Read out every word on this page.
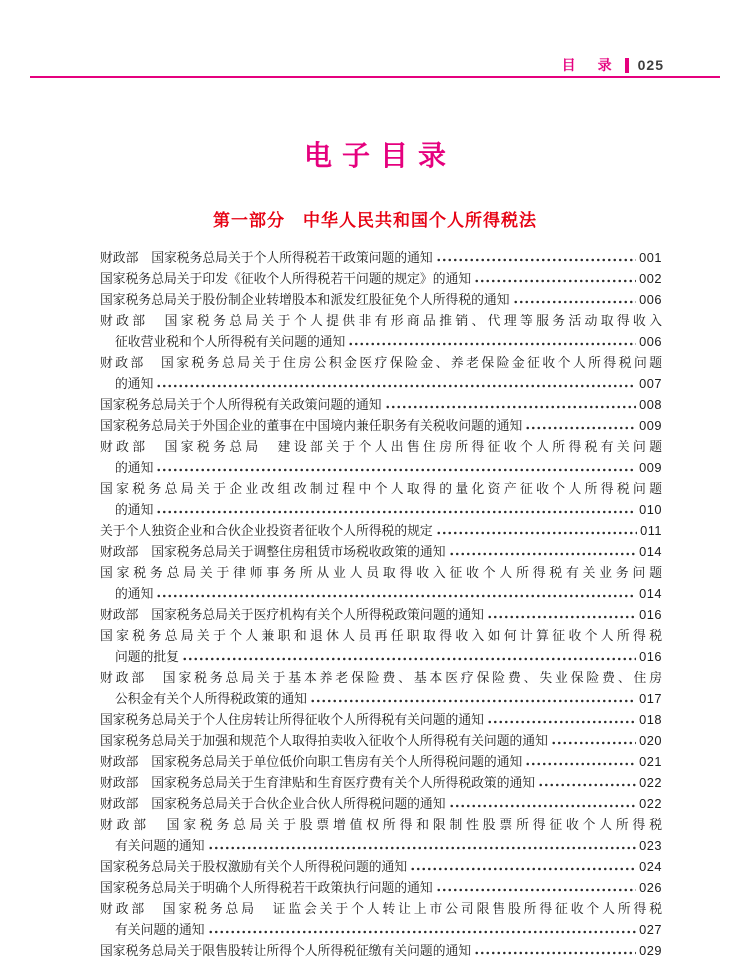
目　录 025
电子目录
第一部分 中华人民共和国个人所得税法
财政部　国家税务总局关于个人所得税若干政策问题的通知	001
国家税务总局关于印发《征收个人所得税若干问题的规定》的通知	002
国家税务总局关于股份制企业转增股本和派发红股征免个人所得税的通知	006
财政部　国家税务总局关于个人提供非有形商品推销、代理等服务活动取得收入
征收营业税和个人所得税有关问题的通知	006
财政部　国家税务总局关于住房公积金医疗保险金、养老保险金征收个人所得税问题
的通知	007
国家税务总局关于个人所得税有关政策问题的通知	008
国家税务总局关于外国企业的董事在中国境内兼任职务有关税收问题的通知	009
财政部　国家税务总局　建设部关于个人出售住房所得征收个人所得税有关问题
的通知	009
国家税务总局关于企业改组改制过程中个人取得的量化资产征收个人所得税问题
的通知	010
关于个人独资企业和合伙企业投资者征收个人所得税的规定	011
财政部　国家税务总局关于调整住房租赁市场税收政策的通知	014
国家税务总局关于律师事务所从业人员取得收入征收个人所得税有关业务问题
的通知	014
财政部　国家税务总局关于医疗机构有关个人所得税政策问题的通知	016
国家税务总局关于个人兼职和退休人员再任职取得收入如何计算征收个人所得税
问题的批复	016
财政部　国家税务总局关于基本养老保险费、基本医疗保险费、失业保险费、住房
公积金有关个人所得税政策的通知	017
国家税务总局关于个人住房转让所得征收个人所得税有关问题的通知	018
国家税务总局关于加强和规范个人取得拍卖收入征收个人所得税有关问题的通知	020
财政部　国家税务总局关于单位低价向职工售房有关个人所得税问题的通知	021
财政部　国家税务总局关于生育津贴和生育医疗费有关个人所得税政策的通知	022
财政部　国家税务总局关于合伙企业合伙人所得税问题的通知	022
财政部　国家税务总局关于股票增值权所得和限制性股票所得征收个人所得税
有关问题的通知	023
国家税务总局关于股权激励有关个人所得税问题的通知	024
国家税务总局关于明确个人所得税若干政策执行问题的通知	026
财政部　国家税务总局　证监会关于个人转让上市公司限售股所得征收个人所得税
有关问题的通知	027
国家税务总局关于限售股转让所得个人所得税征缴有关问题的通知	029
